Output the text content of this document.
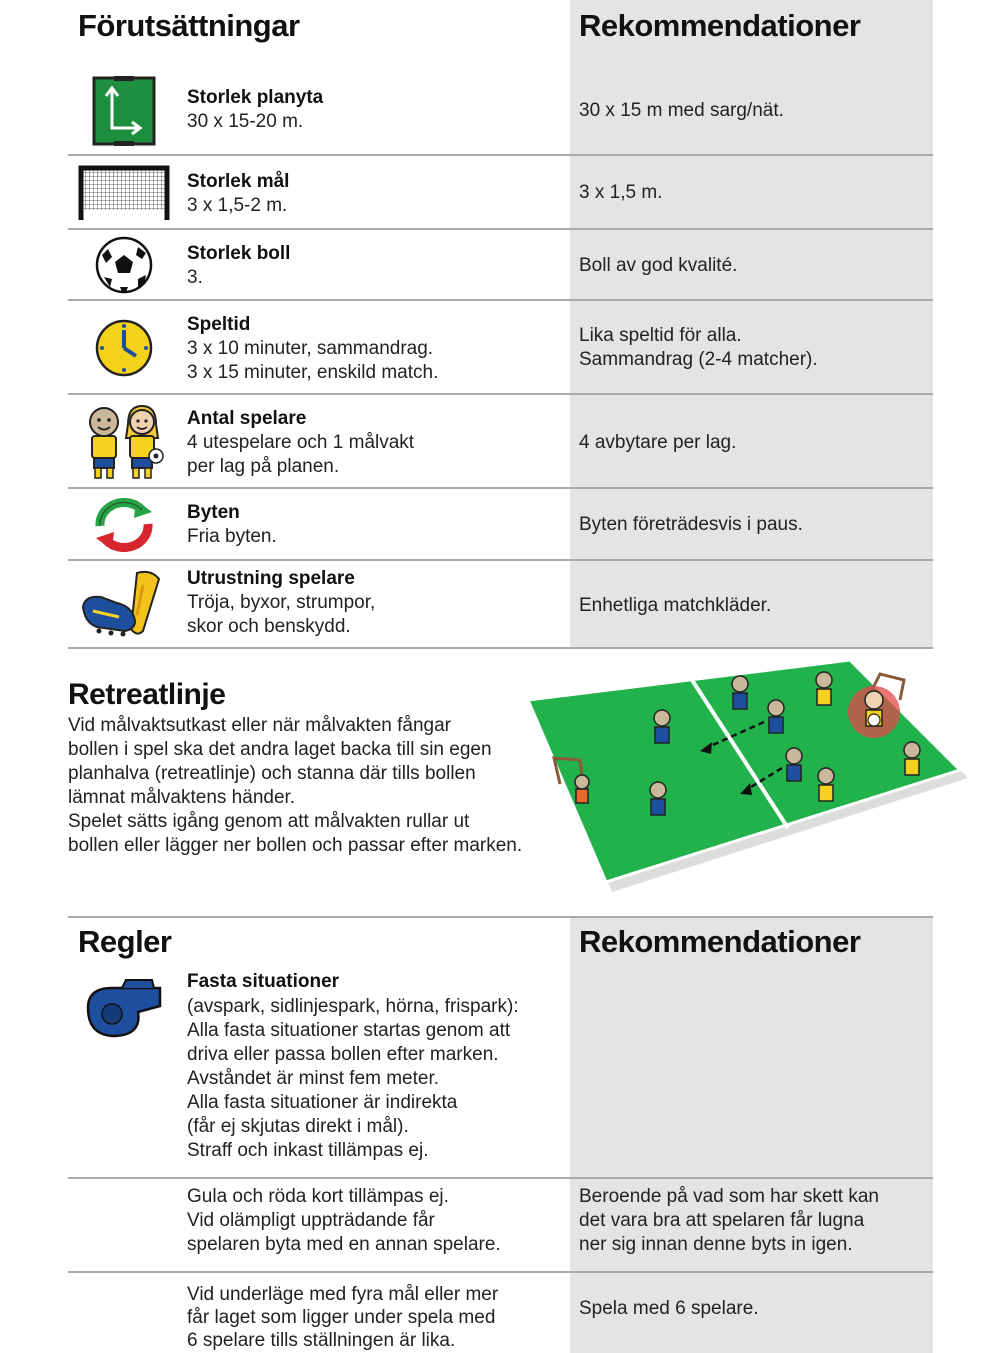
Förutsättningar	Rekommendationer
Storlek planyta
30 x 15-20 m.
30 x 15 m med sarg/nät.
Storlek mål
3 x 1,5-2 m.
3 x 1,5 m.
Storlek boll
3.
Boll av god kvalité.
Speltid
3 x 10 minuter, sammandrag.
3 x 15 minuter, enskild match.
Lika speltid för alla.
Sammandrag (2-4 matcher).
Antal spelare
4 utespelare och 1 målvakt
per lag på planen.
4 avbytare per lag.
Byten
Fria byten.
Byten företrädesvis i paus.
Utrustning spelare
Tröja, byxor, strumpor,
skor och benskydd.
Enhetliga matchkläder.
Retreatlinje
Vid målvaktsutkast eller när målvakten fångar
bollen i spel ska det andra laget backa till sin egen
planhalva (retreatlinje) och stanna där tills bollen
lämnat målvaktens händer.
Spelet sätts igång genom att målvakten rullar ut
bollen eller lägger ner bollen och passar efter marken.
Regler	Rekommendationer
Fasta situationer
(avspark, sidlinjespark, hörna, frispark):
Alla fasta situationer startas genom att
driva eller passa bollen efter marken.
Avståndet är minst fem meter.
Alla fasta situationer är indirekta
(får ej skjutas direkt i mål).
Straff och inkast tillämpas ej.
Gula och röda kort tillämpas ej.
Vid olämpligt uppträdande får
spelaren byta med en annan spelare.
Beroende på vad som har skett kan
det vara bra att spelaren får lugna
ner sig innan denne byts in igen.
Vid underläge med fyra mål eller mer
får laget som ligger under spela med
6 spelare tills ställningen är lika.
Spela med 6 spelare.
